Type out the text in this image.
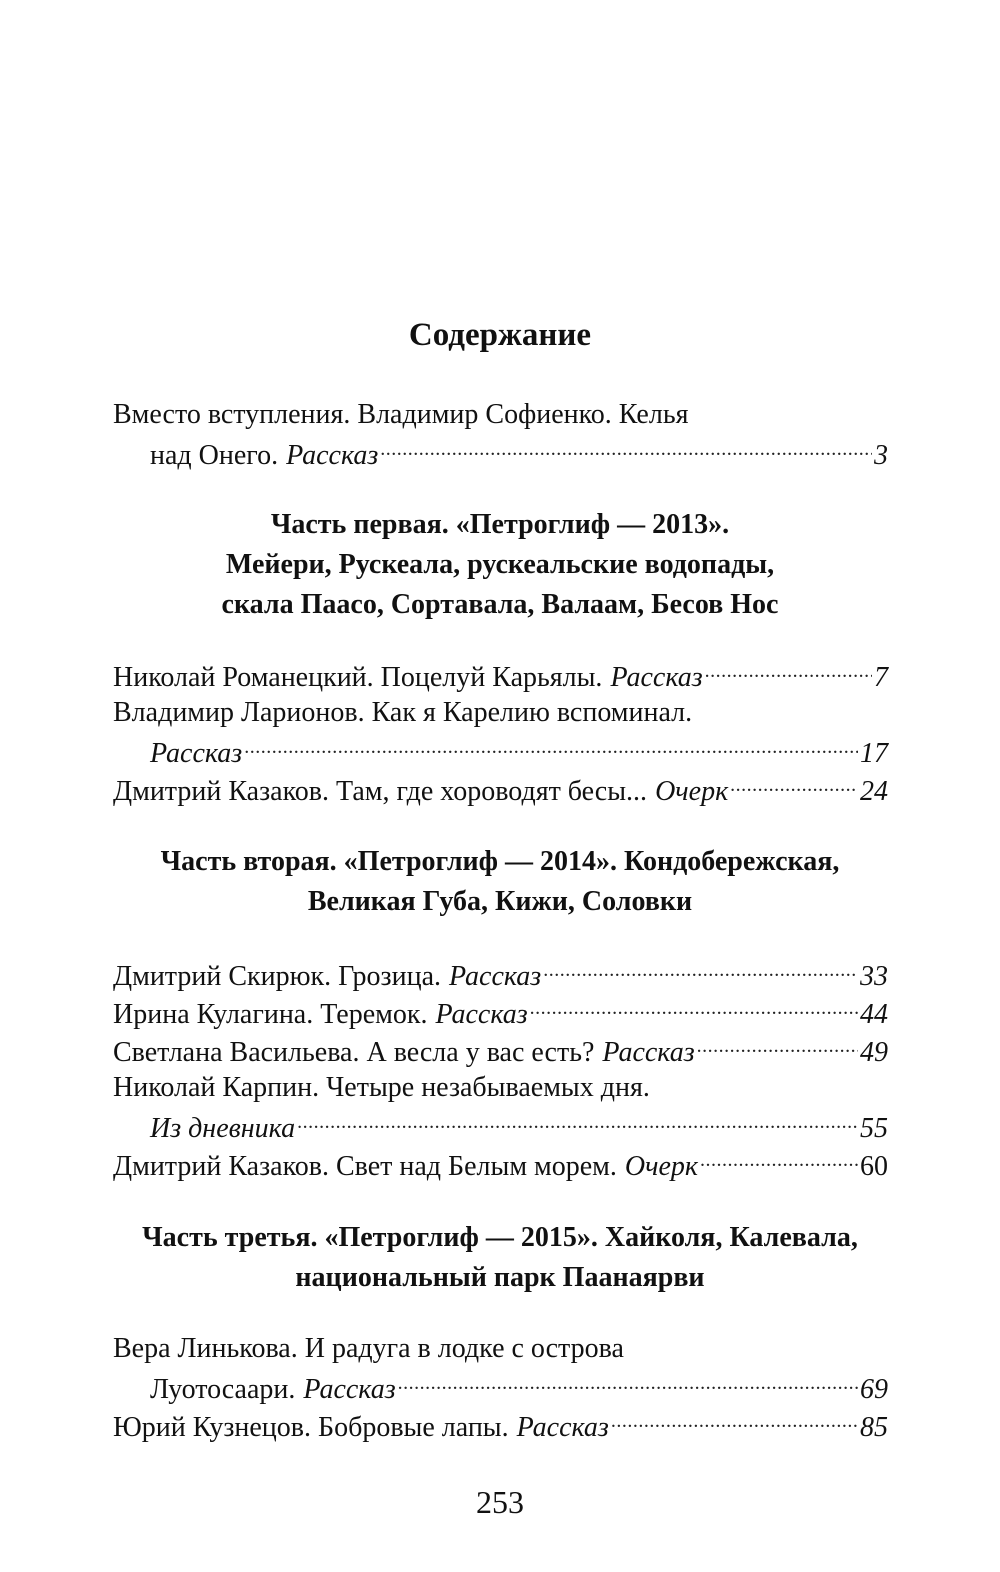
Содержание
Вместо вступления. Владимир Софиенко. Келья
над Онего. Рассказ .....	3
Часть первая. «Петроглиф — 2013».
Мейери, Рускеала, рускеальские водопады,
скала Паасо, Сортавала, Валаам, Бесов Нос
Николай Романецкий. Поцелуй Карьялы. Рассказ .....	7
Владимир Ларионов. Как я Карелию вспоминал.
Рассказ .....	17
Дмитрий Казаков. Там, где хороводят бесы... Очерк .....	24
Часть вторая. «Петроглиф — 2014». Кондобережская,
Великая Губа, Кижи, Соловки
Дмитрий Скирюк. Грозица. Рассказ .....	33
Ирина Кулагина. Теремок. Рассказ .....	44
Светлана Васильева. А весла у вас есть? Рассказ .....	49
Николай Карпин. Четыре незабываемых дня.
Из дневника .....	55
Дмитрий Казаков. Свет над Белым морем. Очерк .....	60
Часть третья. «Петроглиф — 2015». Хайколя, Калевала,
национальный парк Паанаярви
Вера Линькова. И радуга в лодке с острова
Луотосаари. Рассказ .....	69
Юрий Кузнецов. Бобровые лапы. Рассказ .....	85
253
